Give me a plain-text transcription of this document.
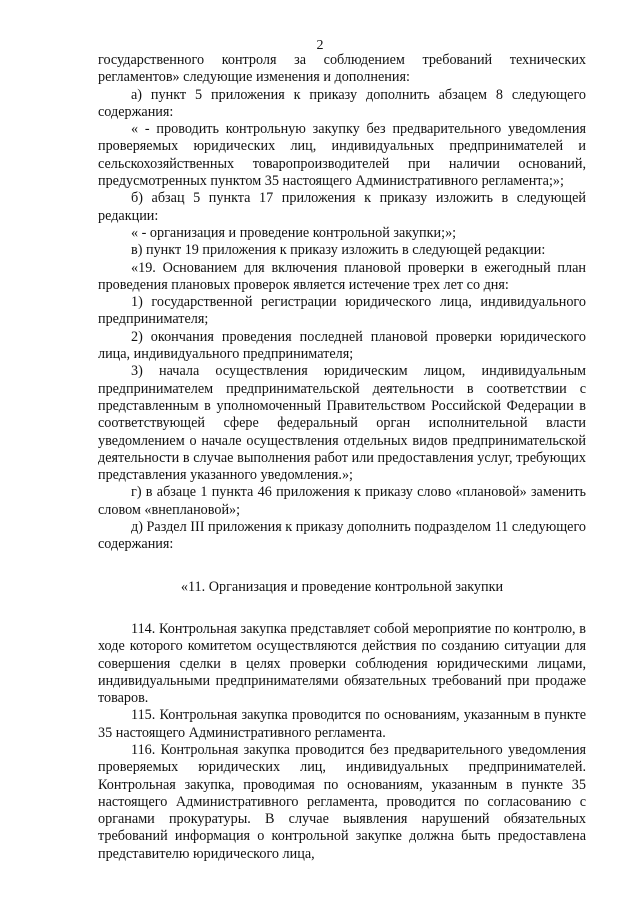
2

государственного контроля за соблюдением требований технических регламентов» следующие изменения и дополнения:

а) пункт 5 приложения к приказу дополнить абзацем 8 следующего содержания:

« - проводить контрольную закупку без предварительного уведомления проверяемых юридических лиц, индивидуальных предпринимателей и сельскохозяйственных товаропроизводителей при наличии оснований, предусмотренных пунктом 35 настоящего Административного регламента;»;

б) абзац 5 пункта 17 приложения к приказу изложить в следующей редакции:

« - организация и проведение контрольной закупки;»;

в) пункт 19 приложения к приказу изложить в следующей редакции:

«19. Основанием для включения плановой проверки в ежегодный план проведения плановых проверок является истечение трех лет со дня:

1) государственной регистрации юридического лица, индивидуального предпринимателя;

2) окончания проведения последней плановой проверки юридического лица, индивидуального предпринимателя;

3) начала осуществления юридическим лицом, индивидуальным предпринимателем предпринимательской деятельности в соответствии с представленным в уполномоченный Правительством Российской Федерации в соответствующей сфере федеральный орган исполнительной власти уведомлением о начале осуществления отдельных видов предпринимательской деятельности в случае выполнения работ или предоставления услуг, требующих представления указанного уведомления.»;

г) в абзаце 1 пункта 46 приложения к приказу слово «плановой» заменить словом «внеплановой»;

д) Раздел III приложения к приказу дополнить подразделом 11 следующего содержания:

«11. Организация и проведение контрольной закупки

114. Контрольная закупка представляет собой мероприятие по контролю, в ходе которого комитетом осуществляются действия по созданию ситуации для совершения сделки в целях проверки соблюдения юридическими лицами, индивидуальными предпринимателями обязательных требований при продаже товаров.

115. Контрольная закупка проводится по основаниям, указанным в пункте 35 настоящего Административного регламента.

116. Контрольная закупка проводится без предварительного уведомления проверяемых юридических лиц, индивидуальных предпринимателей. Контрольная закупка, проводимая по основаниям, указанным в пункте 35 настоящего Административного регламента, проводится по согласованию с органами прокуратуры. В случае выявления нарушений обязательных требований информация о контрольной закупке должна быть предоставлена представителю юридического лица,
